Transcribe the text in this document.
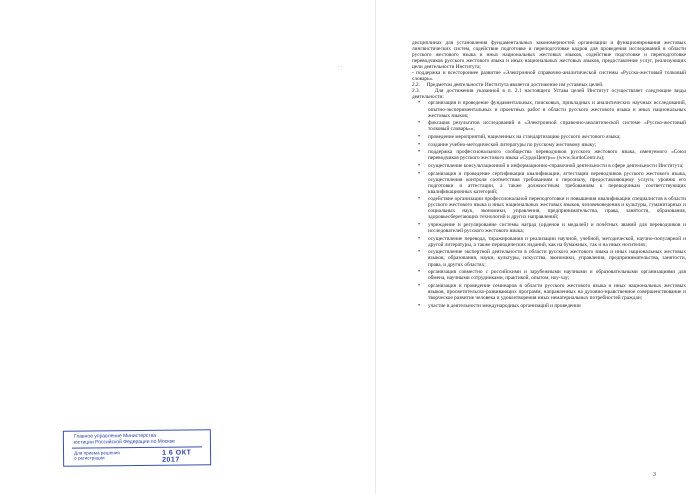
..
Главное управление Министерства
юстиции Российской Федерации по Москве
Для приема решения
о регистрации
1 6 ОКТ 2017

дисциплинах для установления фундаментальных закономерностей организации и функционирования жестовых лингвистических систем, содействие подготовке и переподготовке кадров для проведения исследований в области русского жестового языка и иных национальных жестовых языков, содействие подготовке и переподготовке переводчиков русского жестового языка и иных национальных жестовых языков, предоставление услуг, реализующих цели деятельности Института;

- поддержка и всестороннее развитие «Электронной справочно-аналитической системы «Русско-жестовый толковый словарь».

2.2.     Предметом деятельности Института является достижение им уставных целей.

2.3.     Для достижения указанной в п. 2.1 настоящего Устава целей Институт осуществляет следующие виды деятельности:

• организация и проведение фундаментальных, поисковых, прикладных и аналитических научных исследований, опытно-экспериментальных и проектных работ в области русского жестового языка и иных национальных жестовых языков;
• фиксация результатов исследований в «Электронной справочно-аналитической системе «Русско-жестовый толковый словарь»»;
• проведение мероприятий, нацеленных на стандартизацию русского жестового языка;
• создание учебно-методической литературы по русскому жестовому языку;
• поддержка профессионального сообщества переводчиков русского жестового языка, именуемого «Союз переводчиков русского жестового языка «СурдоЦентр»» (www.SurdoCentr.ru);
• осуществление консультационной и информационно-справочной деятельности в сфере деятельности Института;
• организация и проведение сертификации квалификации, аттестации переводчиков русского жестового языка, осуществления контроля соответствия требованиям к персоналу, предоставляющему услуги, уровню его подготовки и аттестации, а также должностным требованиям к переводчикам соответствующих квалификационных категорий;
• содействие организации профессиональной переподготовки и повышения квалификации специалистов в области русского жестового языка и иных национальных жестовых языков, человековедения и культуры, гуманитарных и социальных наук, экономики, управления, предпринимательства, права, занятости, образования, здоровьесберегающих технологий и других направлений;
• учреждение и регулирование системы наград (орденов и медалей) и почётных званий для переводчиков и исследователей русского жестового языка;
• осуществление перевода, тиражирования и реализации научной, учебной, методической, научно-популярной и другой литературы, а также периодических изданий, как на бумажных, так и на иных носителях;
• осуществление экспертной деятельности в области русского жестового языка и иных национальных жестовых языков, образования, науки, культуры, искусства, экономики, управления, предпринимательства, занятости, права, и других областях;
• организация совместно с российскими и зарубежными научными и образовательными организациями для обмена, научными сотрудниками, практикой, опытом, ноу-хау;
• организация и проведение семинаров в области русского жестового языка и иных национальных жестовых языков, просветительско-развивающих программ, направленных на духовно-нравственное совершенствование и творческое развитие человека и удовлетворения иных нематериальных потребностей граждан;
• участие в деятельности международных организаций и проведении
3
